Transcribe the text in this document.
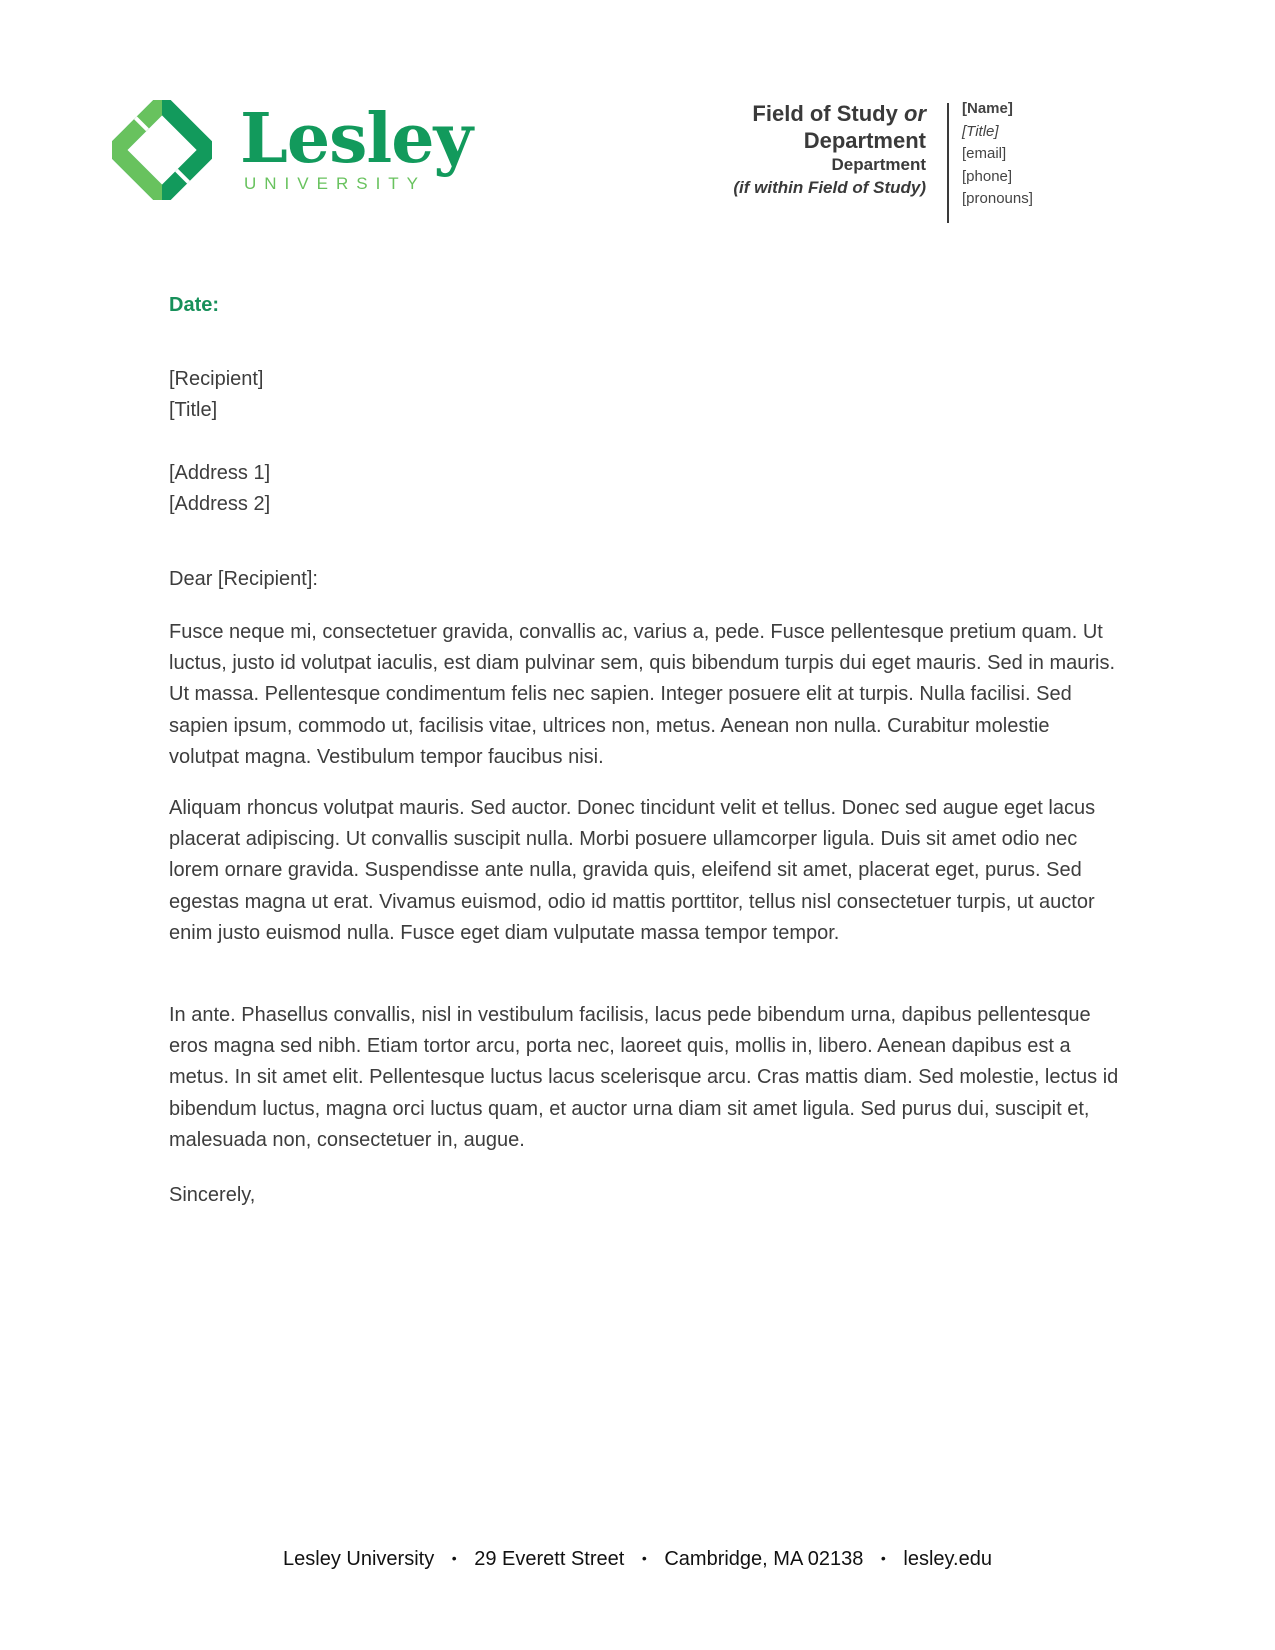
Lesley
UNIVERSITY
Field of Study or
Department
Department
(if within Field of Study)
[Name]
[Title]
[email]
[phone]
[pronouns]
Date:
[Recipient]
[Title]
[Address 1]
[Address 2]
Dear [Recipient]:

Fusce neque mi, consectetuer gravida, convallis ac, varius a, pede. Fusce pellentesque pretium quam. Ut luctus, justo id volutpat iaculis, est diam pulvinar sem, quis bibendum turpis dui eget mauris. Sed in mauris. Ut massa. Pellentesque condimentum felis nec sapien. Integer posuere elit at turpis. Nulla facilisi. Sed sapien ipsum, commodo ut, facilisis vitae, ultrices non, metus. Aenean non nulla. Curabitur molestie volutpat magna. Vestibulum tempor faucibus nisi.

Aliquam rhoncus volutpat mauris. Sed auctor. Donec tincidunt velit et tellus. Donec sed augue eget lacus placerat adipiscing. Ut convallis suscipit nulla. Morbi posuere ullamcorper ligula. Duis sit amet odio nec lorem ornare gravida. Suspendisse ante nulla, gravida quis, eleifend sit amet, placerat eget, purus. Sed egestas magna ut erat. Vivamus euismod, odio id mattis porttitor, tellus nisl consectetuer turpis, ut auctor enim justo euismod nulla. Fusce eget diam vulputate massa tempor tempor.

In ante. Phasellus convallis, nisl in vestibulum facilisis, lacus pede bibendum urna, dapibus pellentesque eros magna sed nibh. Etiam tortor arcu, porta nec, laoreet quis, mollis in, libero. Aenean dapibus est a metus. In sit amet elit. Pellentesque luctus lacus scelerisque arcu. Cras mattis diam. Sed molestie, lectus id bibendum luctus, magna orci luctus quam, et auctor urna diam sit amet ligula. Sed purus dui, suscipit et, malesuada non, consectetuer in, augue.

Sincerely,
Lesley University • 29 Everett Street • Cambridge, MA 02138 • lesley.edu
